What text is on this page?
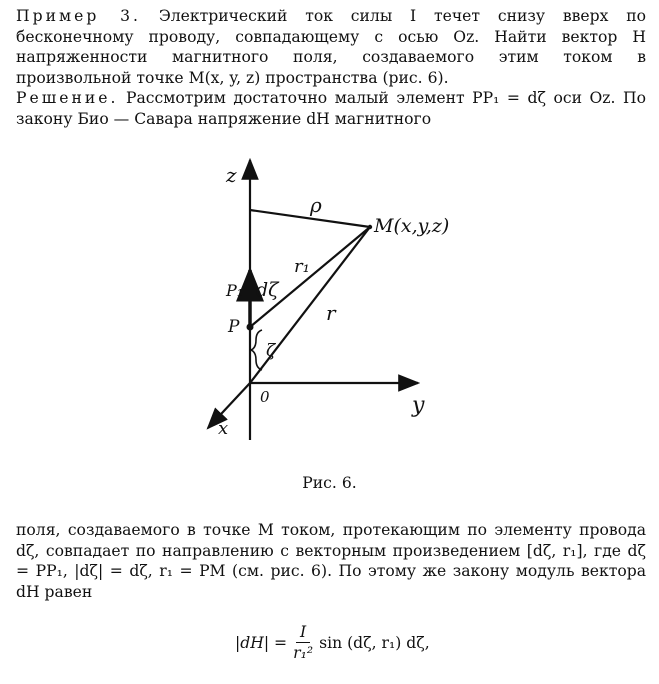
Пример 3. Электрический ток силы I течет снизу вверх по бесконечному проводу, совпадающему с осью Oz. Найти вектор H напряженности магнитного поля, создаваемого этим током в произвольной точке M(x, y, z) пространства (рис. 6).
Решение. Рассмотрим достаточно малый элемент PP₁ = dζ оси Oz. По закону Био — Савара напряжение dH магнитного
z
y
x
0
P
P₁ dζ
ζ
ρ
r₁
r
M(x,y,z)
Рис. 6.
поля, создаваемого в точке M током, протекающим по элементу провода dζ, совпадает по направлению с векторным произведением [dζ, r₁], где dζ = PP₁, |dζ| = dζ, r₁ = PM (см. рис. 6). По этому же закону модуль вектора dH равен
$|dH| = \frac{I}{\text{r₁²}}$ sin (dζ, r₁) dζ,
